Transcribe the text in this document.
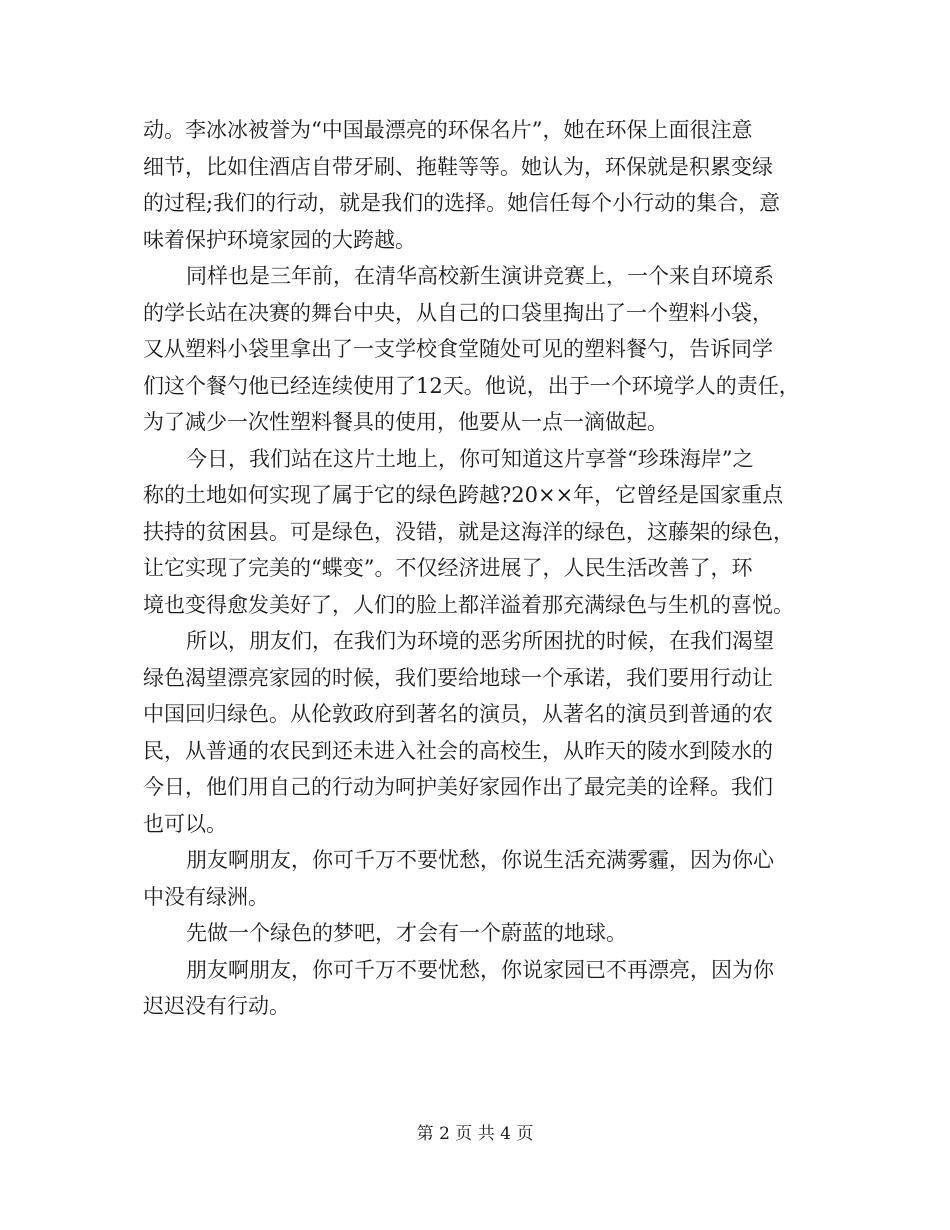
动。李冰冰被誉为“中国最漂亮的环保名片”，她在环保上面很注意
细节，比如住酒店自带牙刷、拖鞋等等。她认为，环保就是积累变绿
的过程;我们的行动，就是我们的选择。她信任每个小行动的集合，意
味着保护环境家园的大跨越。
同样也是三年前，在清华高校新生演讲竞赛上，一个来自环境系
的学长站在决赛的舞台中央，从自己的口袋里掏出了一个塑料小袋，
又从塑料小袋里拿出了一支学校食堂随处可见的塑料餐勺，告诉同学
们这个餐勺他已经连续使用了12天。他说，出于一个环境学人的责任，
为了减少一次性塑料餐具的使用，他要从一点一滴做起。
今日，我们站在这片土地上，你可知道这片享誉“珍珠海岸”之
称的土地如何实现了属于它的绿色跨越?20××年，它曾经是国家重点
扶持的贫困县。可是绿色，没错，就是这海洋的绿色，这藤架的绿色，
让它实现了完美的“蝶变”。不仅经济进展了，人民生活改善了，环
境也变得愈发美好了，人们的脸上都洋溢着那充满绿色与生机的喜悦。
所以，朋友们，在我们为环境的恶劣所困扰的时候，在我们渴望
绿色渴望漂亮家园的时候，我们要给地球一个承诺，我们要用行动让
中国回归绿色。从伦敦政府到著名的演员，从著名的演员到普通的农
民，从普通的农民到还未进入社会的高校生，从昨天的陵水到陵水的
今日，他们用自己的行动为呵护美好家园作出了最完美的诠释。我们
也可以。
朋友啊朋友，你可千万不要忧愁，你说生活充满雾霾，因为你心
中没有绿洲。
先做一个绿色的梦吧，才会有一个蔚蓝的地球。
朋友啊朋友，你可千万不要忧愁，你说家园已不再漂亮，因为你
迟迟没有行动。
第 2 页 共 4 页
